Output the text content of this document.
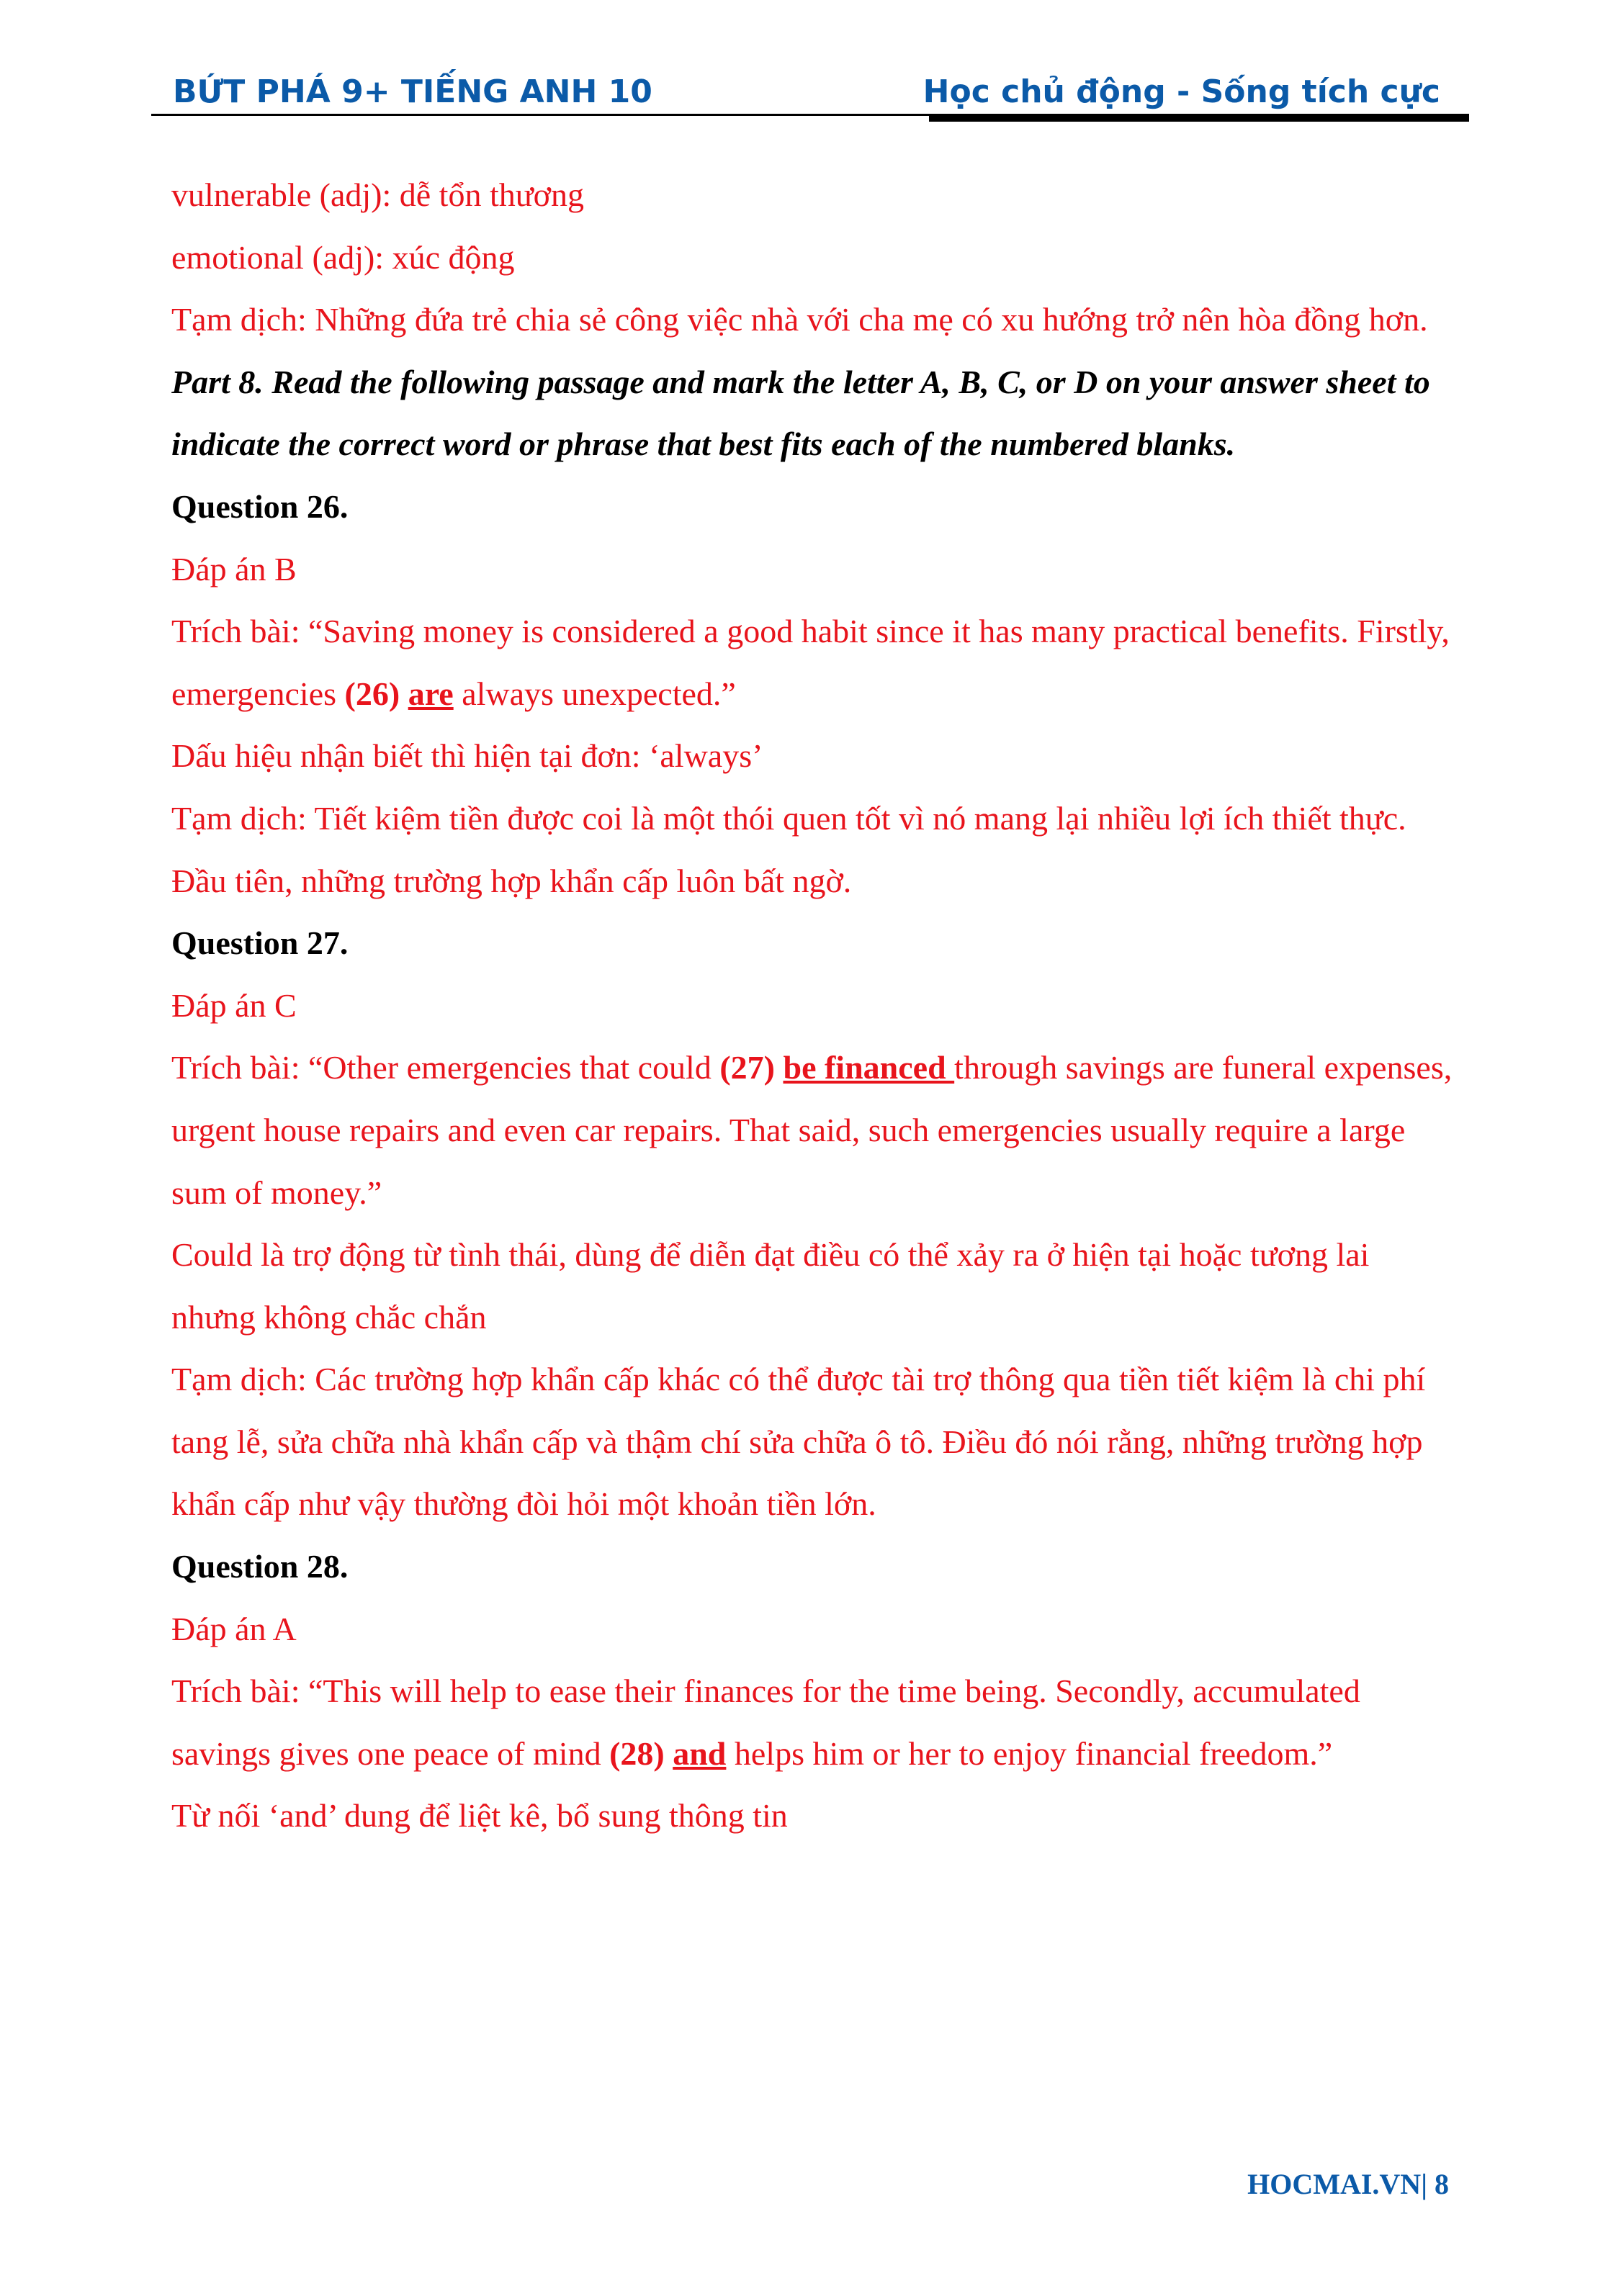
BỨT PHÁ 9+ TIẾNG ANH 10	Học chủ động - Sống tích cực

vulnerable (adj): dễ tổn thương

emotional (adj): xúc động

Tạm dịch: Những đứa trẻ chia sẻ công việc nhà với cha mẹ có xu hướng trở nên hòa đồng hơn.

Part 8. Read the following passage and mark the letter A, B, C, or D on your answer sheet to indicate the correct word or phrase that best fits each of the numbered blanks.

Question 26.

Đáp án B

Trích bài: “Saving money is considered a good habit since it has many practical benefits. Firstly, emergencies (26) are always unexpected.”

Dấu hiệu nhận biết thì hiện tại đơn: ‘always’

Tạm dịch: Tiết kiệm tiền được coi là một thói quen tốt vì nó mang lại nhiều lợi ích thiết thực. Đầu tiên, những trường hợp khẩn cấp luôn bất ngờ.

Question 27.

Đáp án C

Trích bài: “Other emergencies that could (27) be financed through savings are funeral expenses, urgent house repairs and even car repairs. That said, such emergencies usually require a large sum of money.”

Could là trợ động từ tình thái, dùng để diễn đạt điều có thể xảy ra ở hiện tại hoặc tương lai nhưng không chắc chắn

Tạm dịch: Các trường hợp khẩn cấp khác có thể được tài trợ thông qua tiền tiết kiệm là chi phí tang lễ, sửa chữa nhà khẩn cấp và thậm chí sửa chữa ô tô. Điều đó nói rằng, những trường hợp khẩn cấp như vậy thường đòi hỏi một khoản tiền lớn.

Question 28.

Đáp án A

Trích bài: “This will help to ease their finances for the time being. Secondly, accumulated savings gives one peace of mind (28) and helps him or her to enjoy financial freedom.”

Từ nối ‘and’ dung để liệt kê, bổ sung thông tin

HOCMAI.VN| 8
